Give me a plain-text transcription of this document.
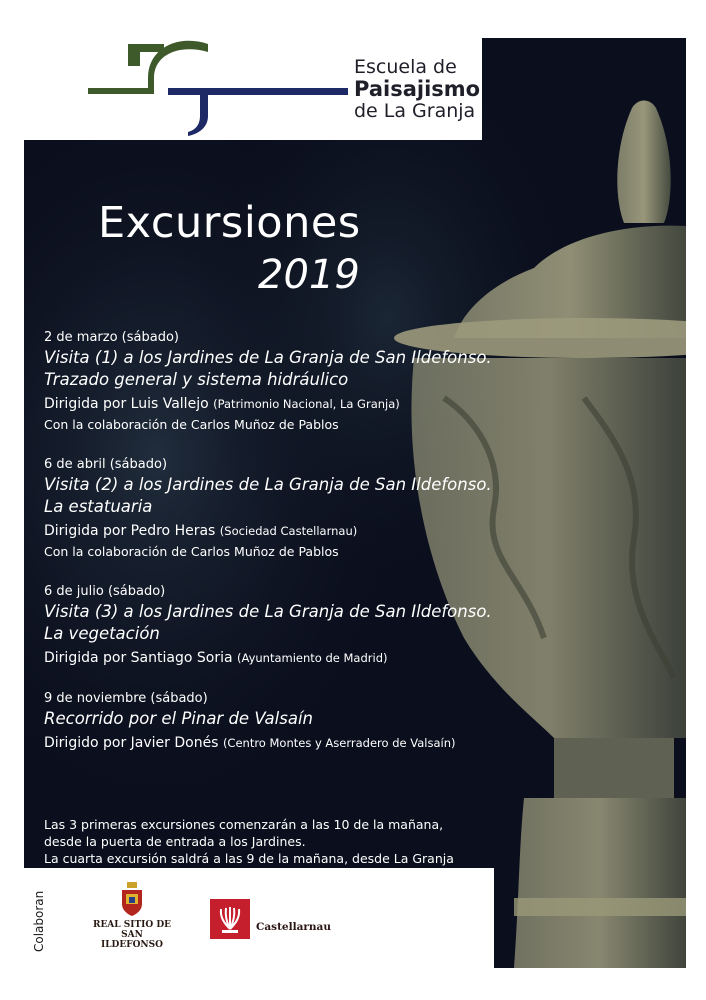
Escuela de
Paisajismo
de La Granja
Excursiones
2019
2 de marzo (sábado)
Visita (1) a los Jardines de La Granja de San Ildefonso.
Trazado general y sistema hidráulico
Dirigida por Luis Vallejo (Patrimonio Nacional, La Granja)
Con la colaboración de Carlos Muñoz de Pablos
6 de abril (sábado)
Visita (2) a los Jardines de La Granja de San Ildefonso.
La estatuaria
Dirigida por Pedro Heras (Sociedad Castellarnau)
Con la colaboración de Carlos Muñoz de Pablos
6 de julio (sábado)
Visita (3) a los Jardines de La Granja de San Ildefonso.
La vegetación
Dirigida por Santiago Soria (Ayuntamiento de Madrid)
9 de noviembre (sábado)
Recorrido por el Pinar de Valsaín
Dirigido por Javier Donés (Centro Montes y Aserradero de Valsaín)
Las 3 primeras excursiones comenzarán a las 10 de la mañana,
desde la puerta de entrada a los Jardines.
La cuarta excursión saldrá a las 9 de la mañana, desde La Granja
Colaboran	REAL SITIO DE
SAN ILDEFONSO
Castellarnau
